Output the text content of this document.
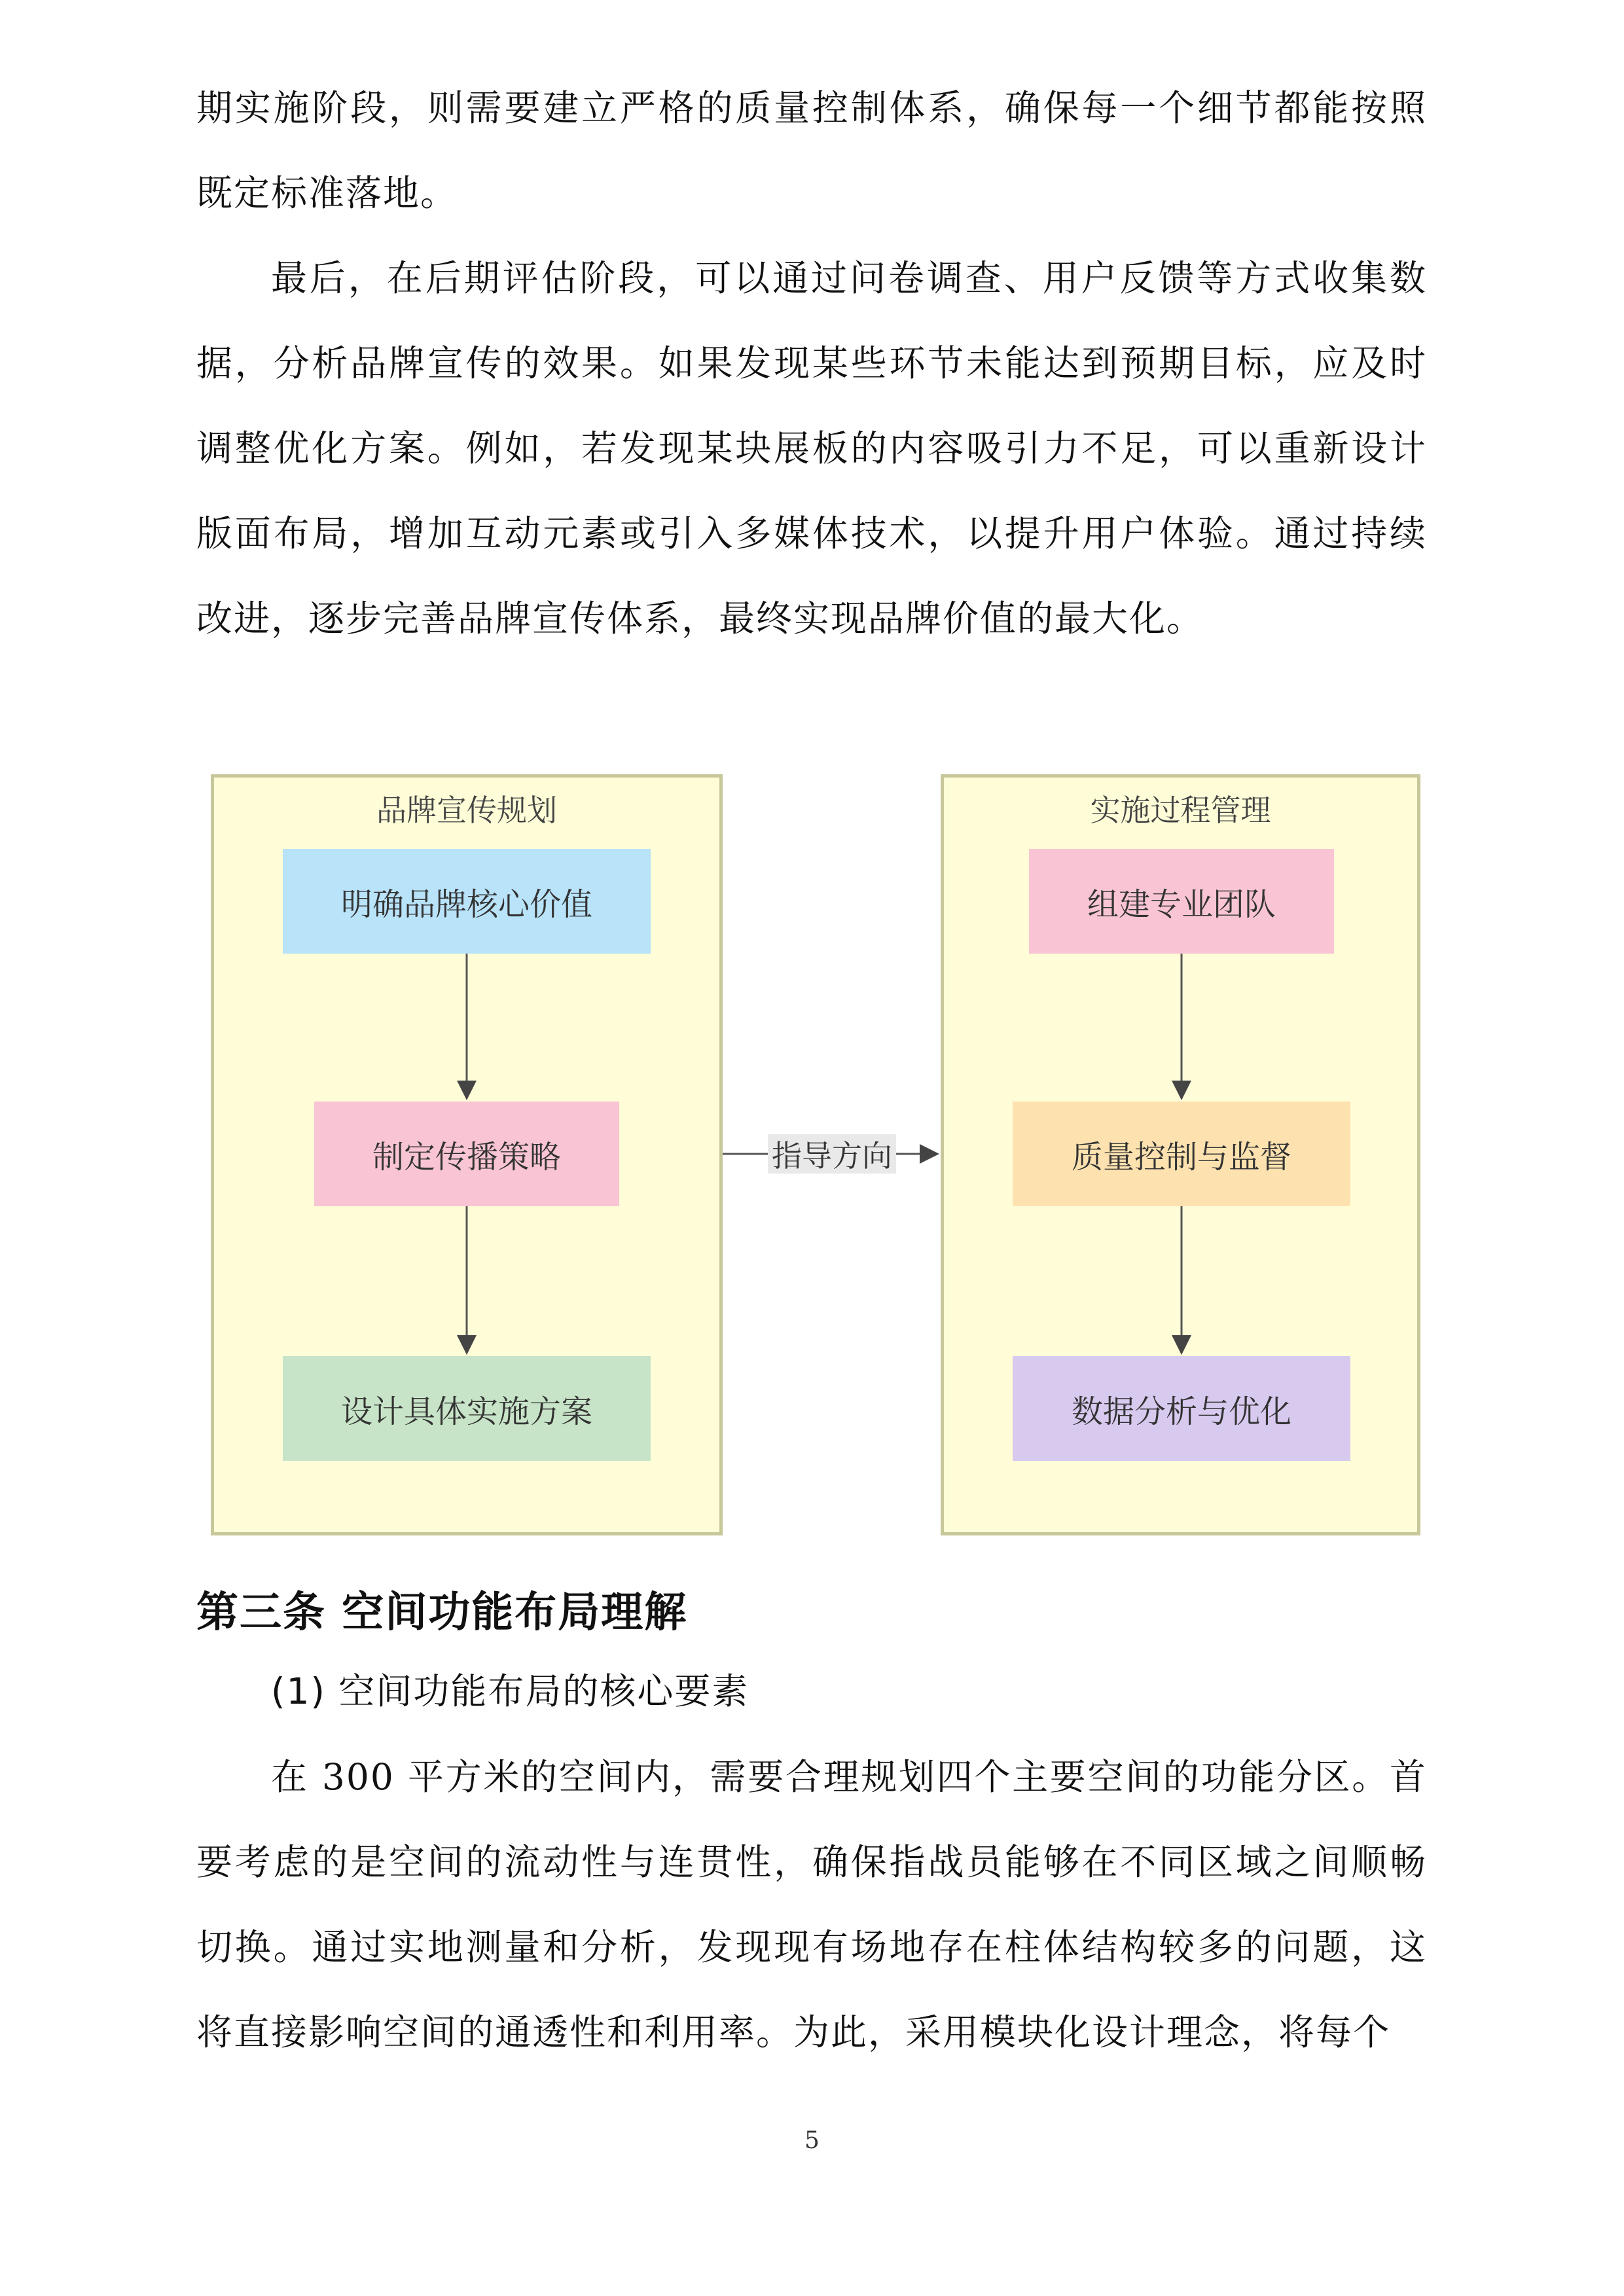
期实施阶段，则需要建立严格的质量控制体系，确保每一个细节都能按照既定标准落地。

最后，在后期评估阶段，可以通过问卷调查、用户反馈等方式收集数据，分析品牌宣传的效果。如果发现某些环节未能达到预期目标，应及时调整优化方案。例如，若发现某块展板的内容吸引力不足，可以重新设计版面布局，增加互动元素或引入多媒体技术，以提升用户体验。通过持续改进，逐步完善品牌宣传体系，最终实现品牌价值的最大化。

品牌宣传规划	实施过程管理
明确品牌核心价值
制定传播策略
设计具体实施方案
组建专业团队
质量控制与监督
数据分析与优化
指导方向
第三条 空间功能布局理解

(1) 空间功能布局的核心要素

在 300 平方米的空间内，需要合理规划四个主要空间的功能分区。首要考虑的是空间的流动性与连贯性，确保指战员能够在不同区域之间顺畅切换。通过实地测量和分析，发现现有场地存在柱体结构较多的问题，这将直接影响空间的通透性和利用率。为此，采用模块化设计理念，将每个

5
